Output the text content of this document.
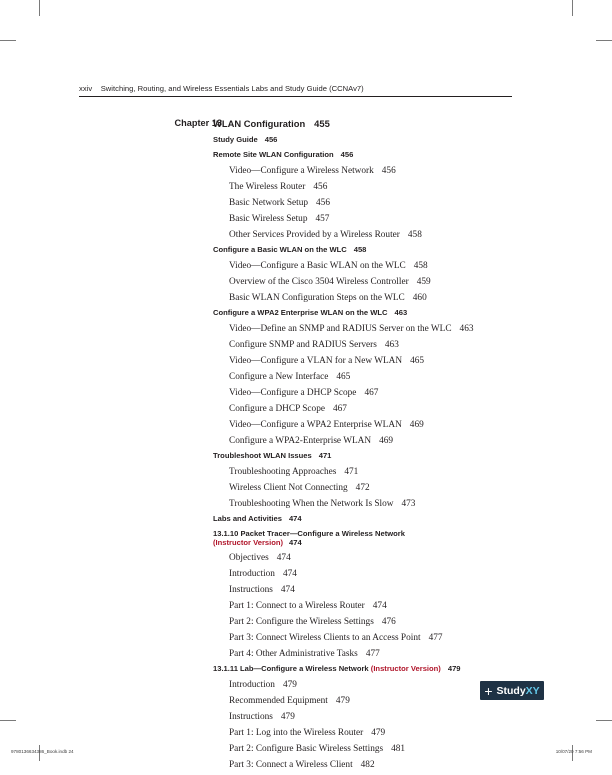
xxiv Switching, Routing, and Wireless Essentials Labs and Study Guide (CCNAv7)
Chapter 13
WLAN Configuration 455
Study Guide 456
Remote Site WLAN Configuration 456
Video—Configure a Wireless Network 456
The Wireless Router 456
Basic Network Setup 456
Basic Wireless Setup 457
Other Services Provided by a Wireless Router 458
Configure a Basic WLAN on the WLC 458
Video—Configure a Basic WLAN on the WLC 458
Overview of the Cisco 3504 Wireless Controller 459
Basic WLAN Configuration Steps on the WLC 460
Configure a WPA2 Enterprise WLAN on the WLC 463
Video—Define an SNMP and RADIUS Server on the WLC 463
Configure SNMP and RADIUS Servers 463
Video—Configure a VLAN for a New WLAN 465
Configure a New Interface 465
Video—Configure a DHCP Scope 467
Configure a DHCP Scope 467
Video—Configure a WPA2 Enterprise WLAN 469
Configure a WPA2-Enterprise WLAN 469
Troubleshoot WLAN Issues 471
Troubleshooting Approaches 471
Wireless Client Not Connecting 472
Troubleshooting When the Network Is Slow 473
Labs and Activities 474
13.1.10 Packet Tracer—Configure a Wireless Network
(Instructor Version) 474
Objectives 474
Introduction 474
Instructions 474
Part 1: Connect to a Wireless Router 474
Part 2: Configure the Wireless Settings 476
Part 3: Connect Wireless Clients to an Access Point 477
Part 4: Other Administrative Tasks 477
13.1.11 Lab—Configure a Wireless Network (Instructor Version) 479
Introduction 479
Recommended Equipment 479
Instructions 479
Part 1: Log into the Wireless Router 479
Part 2: Configure Basic Wireless Settings 481
Part 3: Connect a Wireless Client 482
+ Study XY
9780136634386_Book.indb 24	10/07/20 7:56 PM
